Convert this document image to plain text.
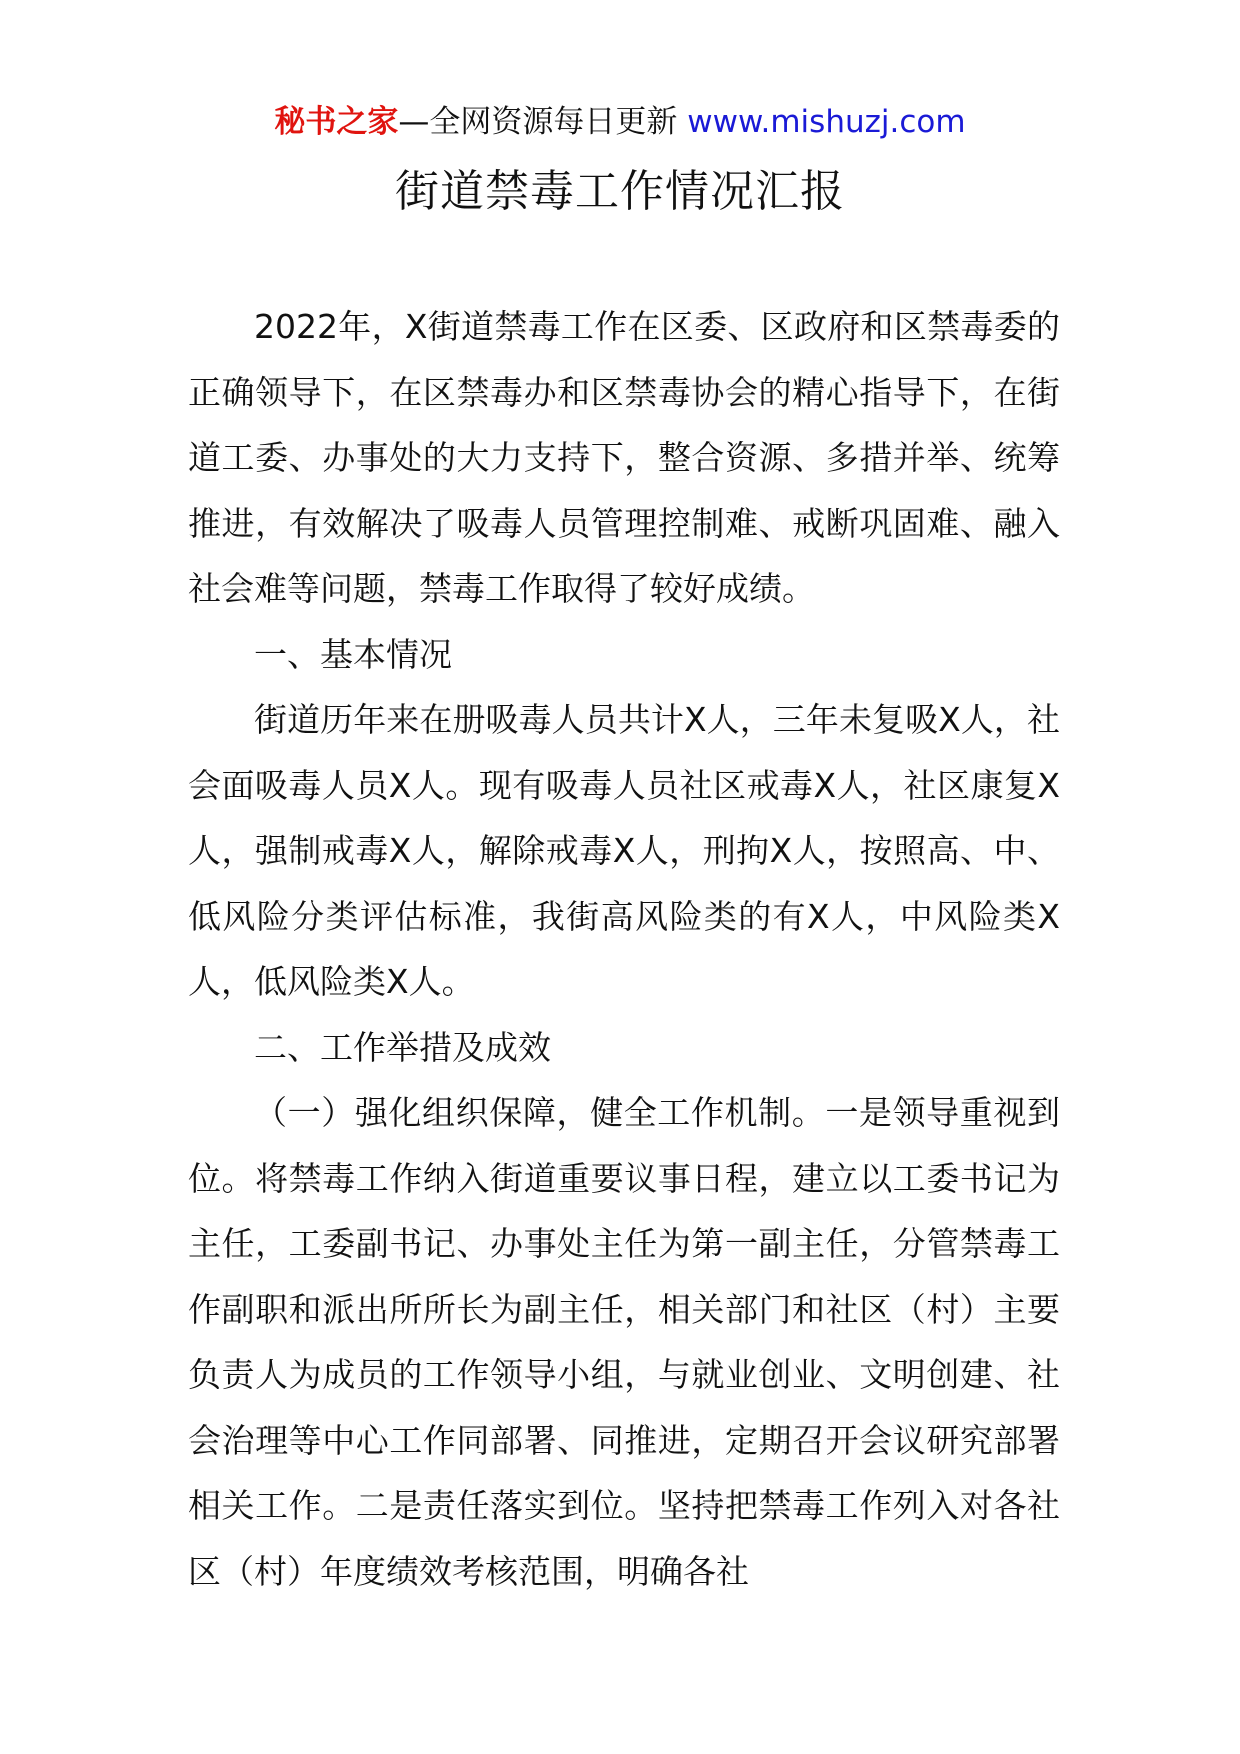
秘书之家—全网资源每日更新 www.mishuzj.com
街道禁毒工作情况汇报

2022年，X街道禁毒工作在区委、区政府和区禁毒委的正确领导下，在区禁毒办和区禁毒协会的精心指导下，在街道工委、办事处的大力支持下，整合资源、多措并举、统筹推进，有效解决了吸毒人员管理控制难、戒断巩固难、融入社会难等问题，禁毒工作取得了较好成绩。

一、基本情况

街道历年来在册吸毒人员共计X人，三年未复吸X人，社会面吸毒人员X人。现有吸毒人员社区戒毒X人，社区康复X人，强制戒毒X人，解除戒毒X人，刑拘X人，按照高、中、低风险分类评估标准，我街高风险类的有X人，中风险类X人，低风险类X人。

二、工作举措及成效

（一）强化组织保障，健全工作机制。一是领导重视到位。将禁毒工作纳入街道重要议事日程，建立以工委书记为主任，工委副书记、办事处主任为第一副主任，分管禁毒工作副职和派出所所长为副主任，相关部门和社区（村）主要负责人为成员的工作领导小组，与就业创业、文明创建、社会治理等中心工作同部署、同推进，定期召开会议研究部署相关工作。二是责任落实到位。坚持把禁毒工作列入对各社区（村）年度绩效考核范围，明确各社
